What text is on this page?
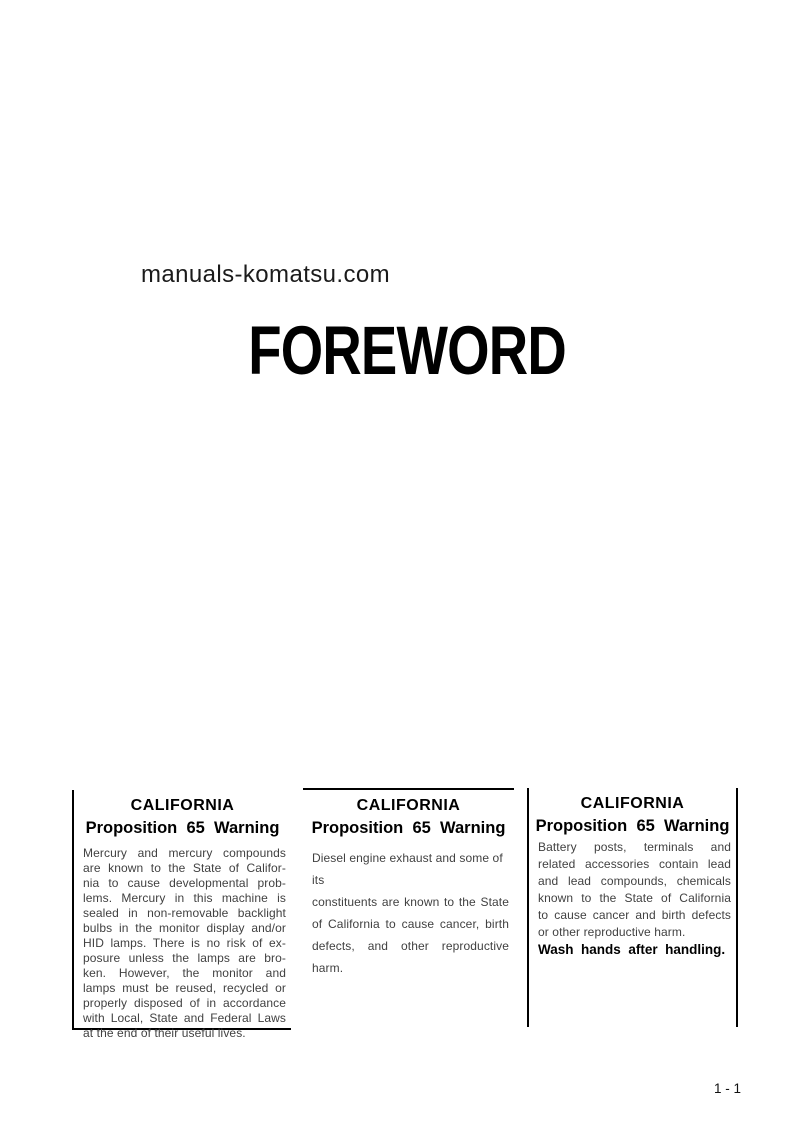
manuals-komatsu.com
FOREWORD
CALIFORNIA
Proposition 65 Warning
Mercury and mercury compounds
are known to the State of Califor-
nia to cause developmental prob-
lems. Mercury in this machine is
sealed in non-removable backlight
bulbs in the monitor display and/or
HID lamps. There is no risk of ex-
posure unless the lamps are bro-
ken. However, the monitor and
lamps must be reused, recycled or
properly disposed of in accordance
with Local, State and Federal Laws
at the end of their useful lives.
CALIFORNIA
Proposition 65 Warning
Diesel engine exhaust and some of its
constituents are known to the State
of California to cause cancer, birth
defects, and other reproductive
harm.
CALIFORNIA
Proposition 65 Warning
Battery posts, terminals and
related accessories contain lead
and lead compounds, chemicals
known to the State of California
to cause cancer and birth defects
or other reproductive harm.
Wash hands after handling.
1 - 1
